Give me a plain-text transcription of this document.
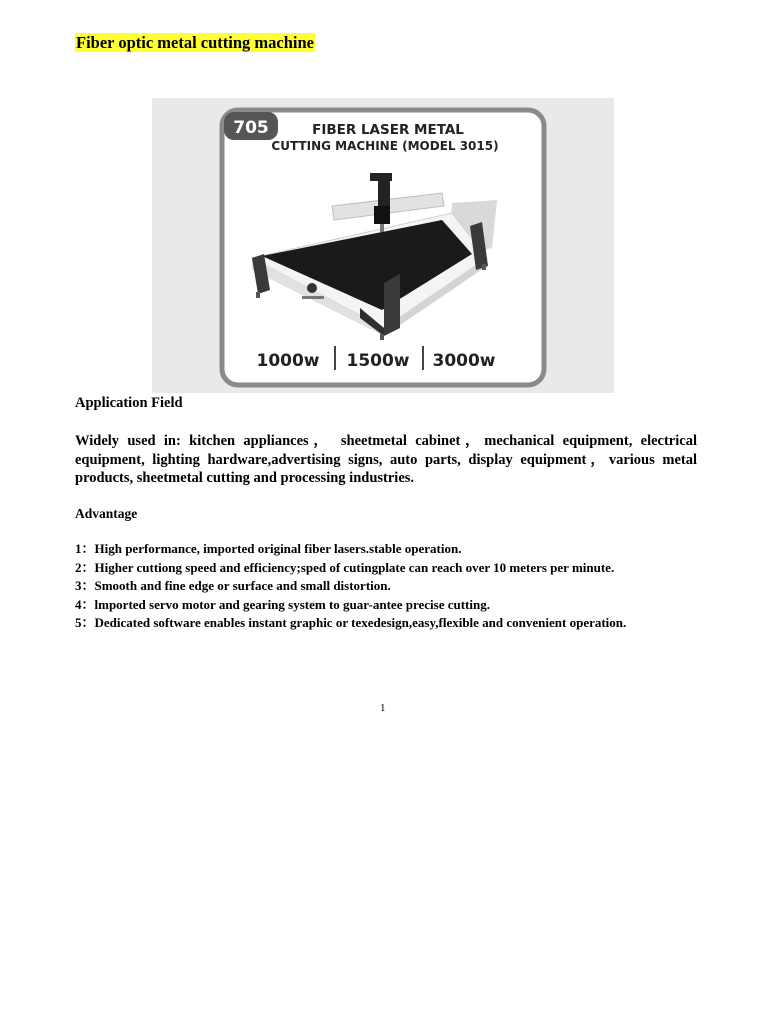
Fiber optic metal cutting machine
705	FIBER LASER METAL
CUTTING MACHINE (MODEL 3015)
1000w 1500w 3000w
Application Field
Widely used in: kitchen appliances， sheetmetal cabinet，mechanical equipment, electrical equipment, lighting hardware,advertising signs, auto parts, display equipment，various metal products, sheetmetal cutting and processing industries.
Advantage
1：High performance, imported original fiber lasers.stable operation.
2：Higher cuttiong speed and efficiency;sped of cutingplate can reach over 10 meters per minute.
3：Smooth and fine edge or surface and small distortion.
4：lmported servo motor and gearing system to guar-antee precise cutting.
5：Dedicated software enables instant graphic or texedesign,easy,flexible and convenient operation.
1
